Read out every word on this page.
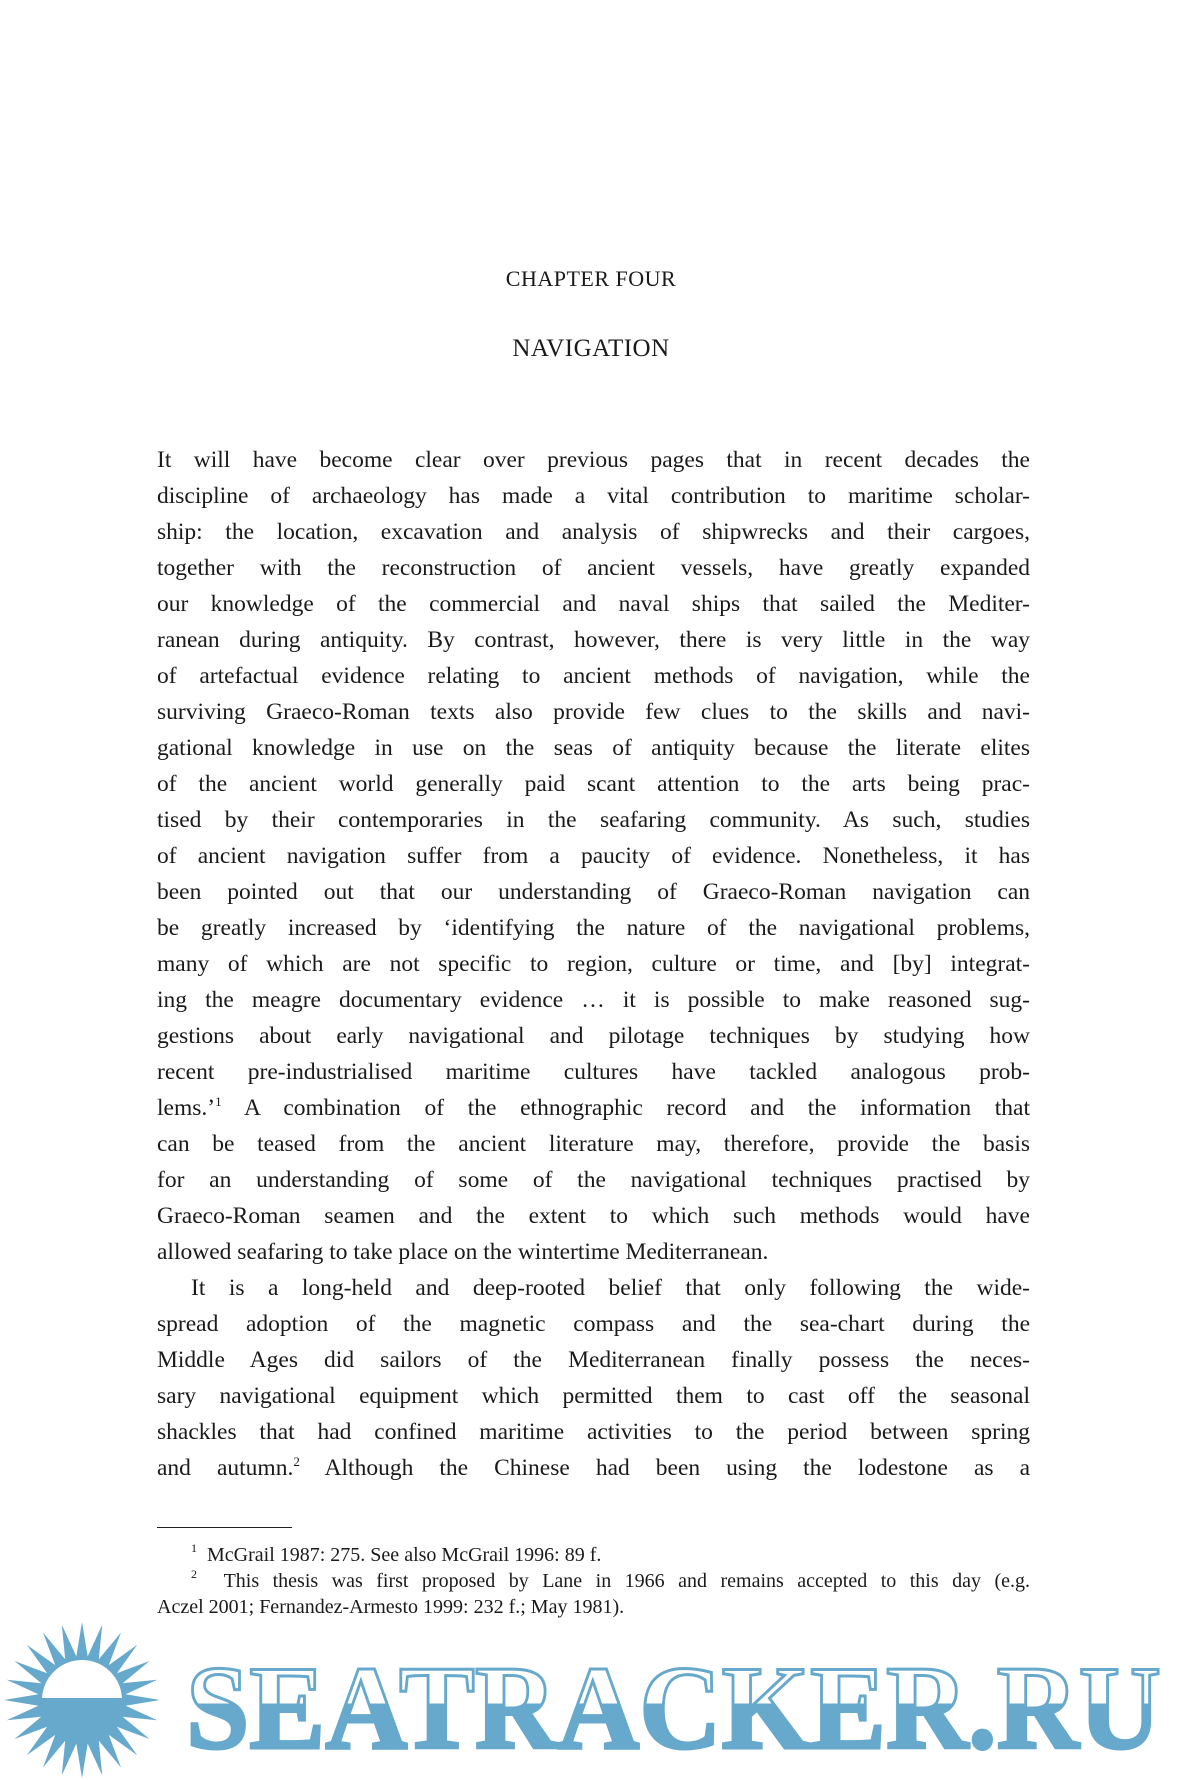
CHAPTER FOUR
NAVIGATION
It will have become clear over previous pages that in recent decades the
discipline of archaeology has made a vital contribution to maritime scholar-
ship: the location, excavation and analysis of shipwrecks and their cargoes,
together with the reconstruction of ancient vessels, have greatly expanded
our knowledge of the commercial and naval ships that sailed the Mediter-
ranean during antiquity. By contrast, however, there is very little in the way
of artefactual evidence relating to ancient methods of navigation, while the
surviving Graeco-Roman texts also provide few clues to the skills and navi-
gational knowledge in use on the seas of antiquity because the literate elites
of the ancient world generally paid scant attention to the arts being prac-
tised by their contemporaries in the seafaring community. As such, studies
of ancient navigation suffer from a paucity of evidence. Nonetheless, it has
been pointed out that our understanding of Graeco-Roman navigation can
be greatly increased by ‘identifying the nature of the navigational problems,
many of which are not specific to region, culture or time, and [by] integrat-
ing the meagre documentary evidence … it is possible to make reasoned sug-
gestions about early navigational and pilotage techniques by studying how
recent pre-industrialised maritime cultures have tackled analogous prob-
lems.’$^1$ A combination of the ethnographic record and the information that
can be teased from the ancient literature may, therefore, provide the basis
for an understanding of some of the navigational techniques practised by
Graeco-Roman seamen and the extent to which such methods would have
allowed seafaring to take place on the wintertime Mediterranean.
It is a long-held and deep-rooted belief that only following the wide-
spread adoption of the magnetic compass and the sea-chart during the
Middle Ages did sailors of the Mediterranean finally possess the neces-
sary navigational equipment which permitted them to cast off the seasonal
shackles that had confined maritime activities to the period between spring
and autumn.$^2$ Although the Chinese had been using the lodestone as a
$^1$  McGrail 1987: 275. See also McGrail 1996: 89 f.
$^2$  This thesis was first proposed by Lane in 1966 and remains accepted to this day (e.g.
Aczel 2001; Fernandez-Armesto 1999: 232 f.; May 1981).
SEATRACKER.RU
